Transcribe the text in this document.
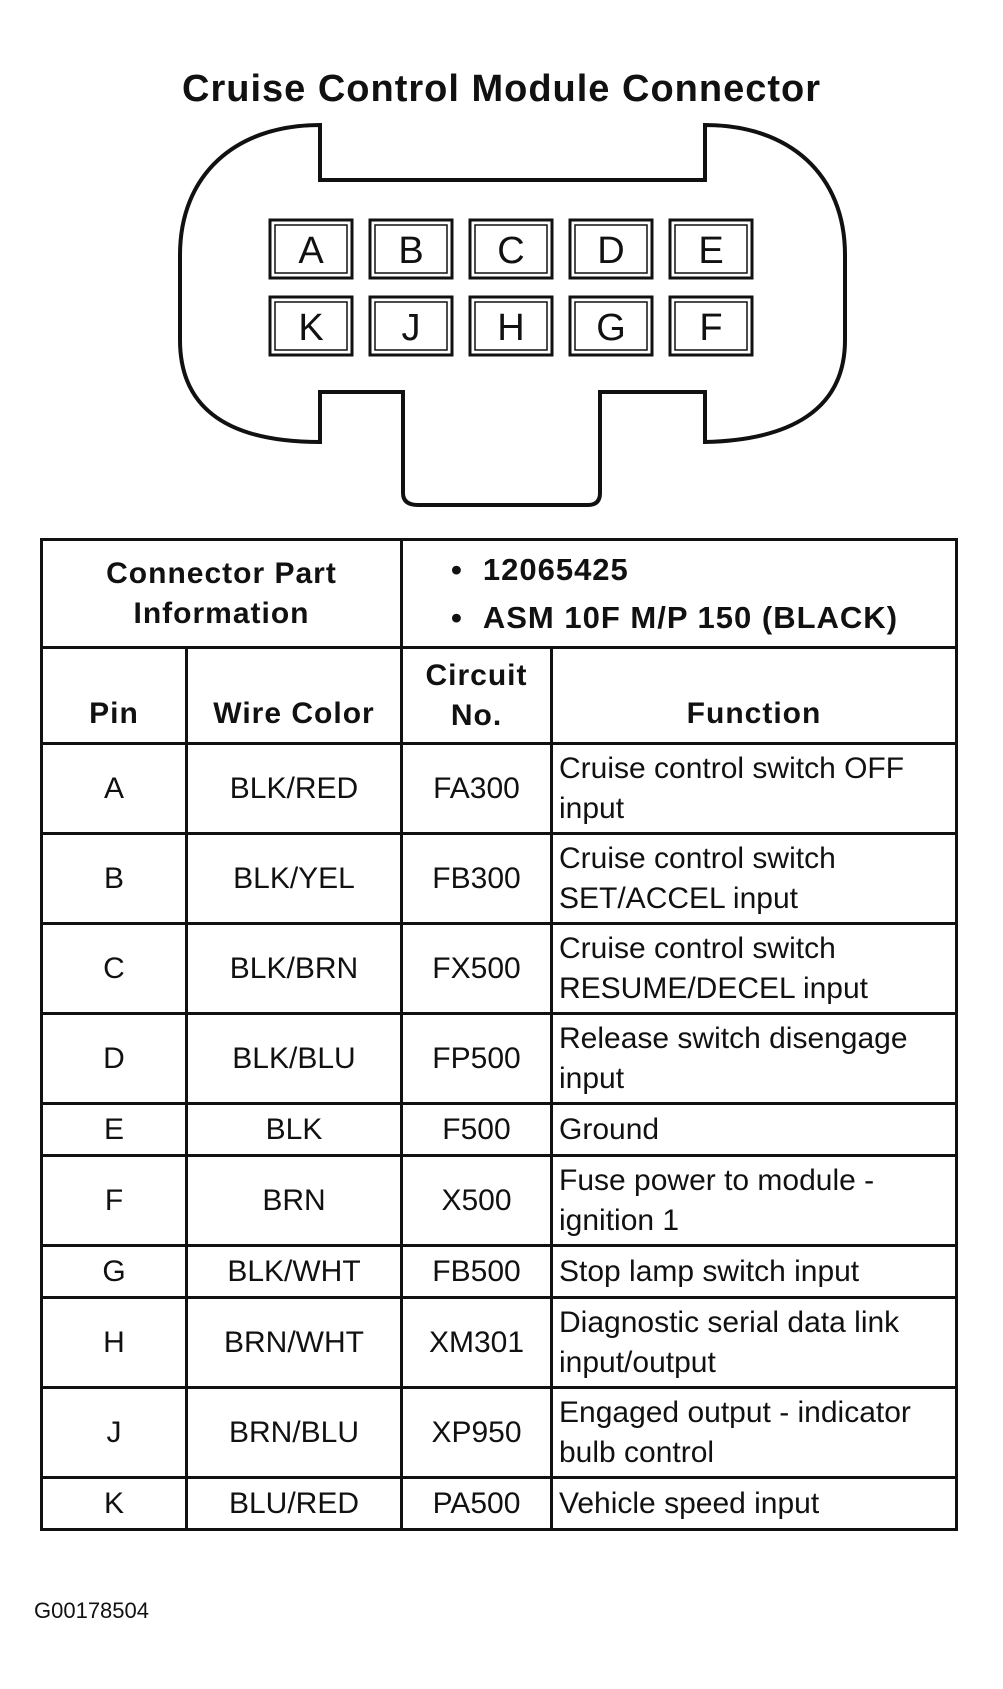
Cruise Control Module Connector
A B C D E
K J H G F
Connector Part Information		• 12065425
• ASM 10F M/P 150 (BLACK)	

Pin	Wire Color	Circuit No.	Function
A	BLK/RED	FA300	Cruise control switch OFF input
B	BLK/YEL	FB300	Cruise control switch SET/ACCEL input
C	BLK/BRN	FX500	Cruise control switch RESUME/DECEL input
D	BLK/BLU	FP500	Release switch disengage input
E	BLK	F500	Ground
F	BRN	X500	Fuse power to module - ignition 1
G	BLK/WHT	FB500	Stop lamp switch input
H	BRN/WHT	XM301	Diagnostic serial data link input/output
J	BRN/BLU	XP950	Engaged output - indicator bulb control
K	BLU/RED	PA500	Vehicle speed input
G00178504
